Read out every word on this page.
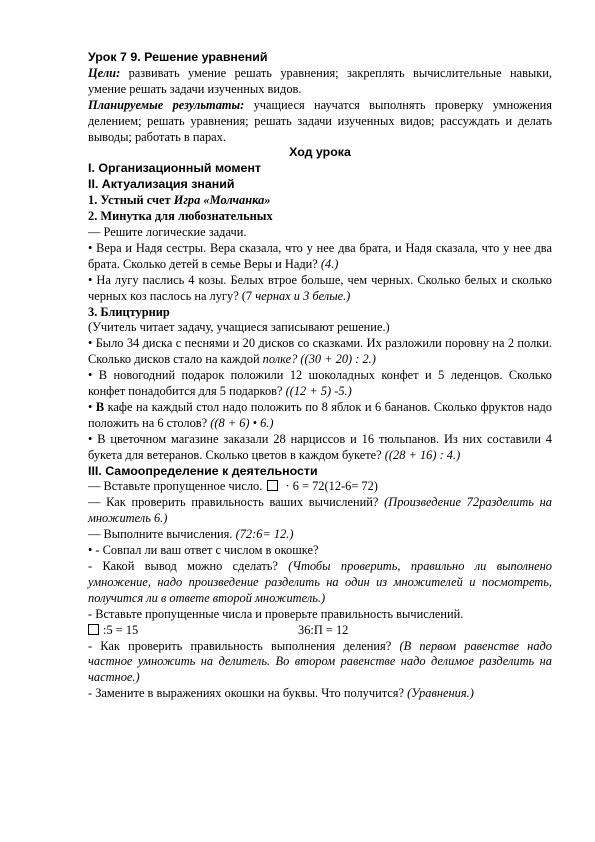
Урок 7 9. Решение уравнений

Цели: развивать умение решать уравнения; закреплять вычислительные навыки, умение решать задачи изученных видов.

Планируемые результаты: учащиеся научатся выполнять проверку умножения делением; решать уравнения; решать задачи изученных видов; рассуждать и делать выводы; работать в парах.

Ход урока

I. Организационный момент

II. Актуализация знаний

1. Устный счет Игра «Молчанка»

2. Минутка для любознательных

— Решите логические задачи.

• Вера и Надя сестры. Вера сказала, что у нее два брата, и Надя сказала, что у нее два брата. Сколько детей в семье Веры и Нади? (4.)

• На лугу паслись 4 козы. Белых втрое больше, чем черных. Сколько белых и сколько черных коз паслось на лугу? (7 чернах и 3 белые.)

3. Блицтурнир

(Учитель читает задачу, учащиеся записывают решение.)

• Было 34 диска с песнями и 20 дисков со сказками. Их разложили поровну на 2 полки. Сколько дисков стало на каждой полке? ((30 + 20) : 2.)

• В новогодний подарок положили 12 шоколадных конфет и 5 леденцов. Сколько конфет понадобится для 5 подарков? ((12 + 5) -5.)

• В кафе на каждый стол надо положить по 8 яблок и 6 бананов. Сколько фруктов надо положить на 6 столов? ((8 + 6) • 6.)

• В цветочном магазине заказали 28 нарциссов и 16 тюльпанов. Из них составили 4 букета для ветеранов. Сколько цветов в каждом букете? ((28 + 16) : 4.)

III. Самоопределение к деятельности

— Вставьте пропущенное число.  · 6 = 72(12-6= 72)

— Как проверить правильность ваших вычислений? (Произведение 72разделить на множитель 6.)

— Выполните вычисления. (72:6= 12.)

• - Совпал ли ваш ответ с числом в окошке?

- Какой вывод можно сделать? (Чтобы проверить, правильно ли выполнено умножение, надо произведение разделить на один из множителей и посмотреть, получится ли в ответе второй множитель.)

- Вставьте пропущенные числа и проверьте правильность вычислений.

:5 = 15	36:П = 12

- Как проверить правильность выполнения деления? (В первом равенстве надо частное умножить на делитель. Во втором равенстве надо делимое разделить на частное.)

- Замените в выражениях окошки на буквы. Что получится? (Уравнения.)
